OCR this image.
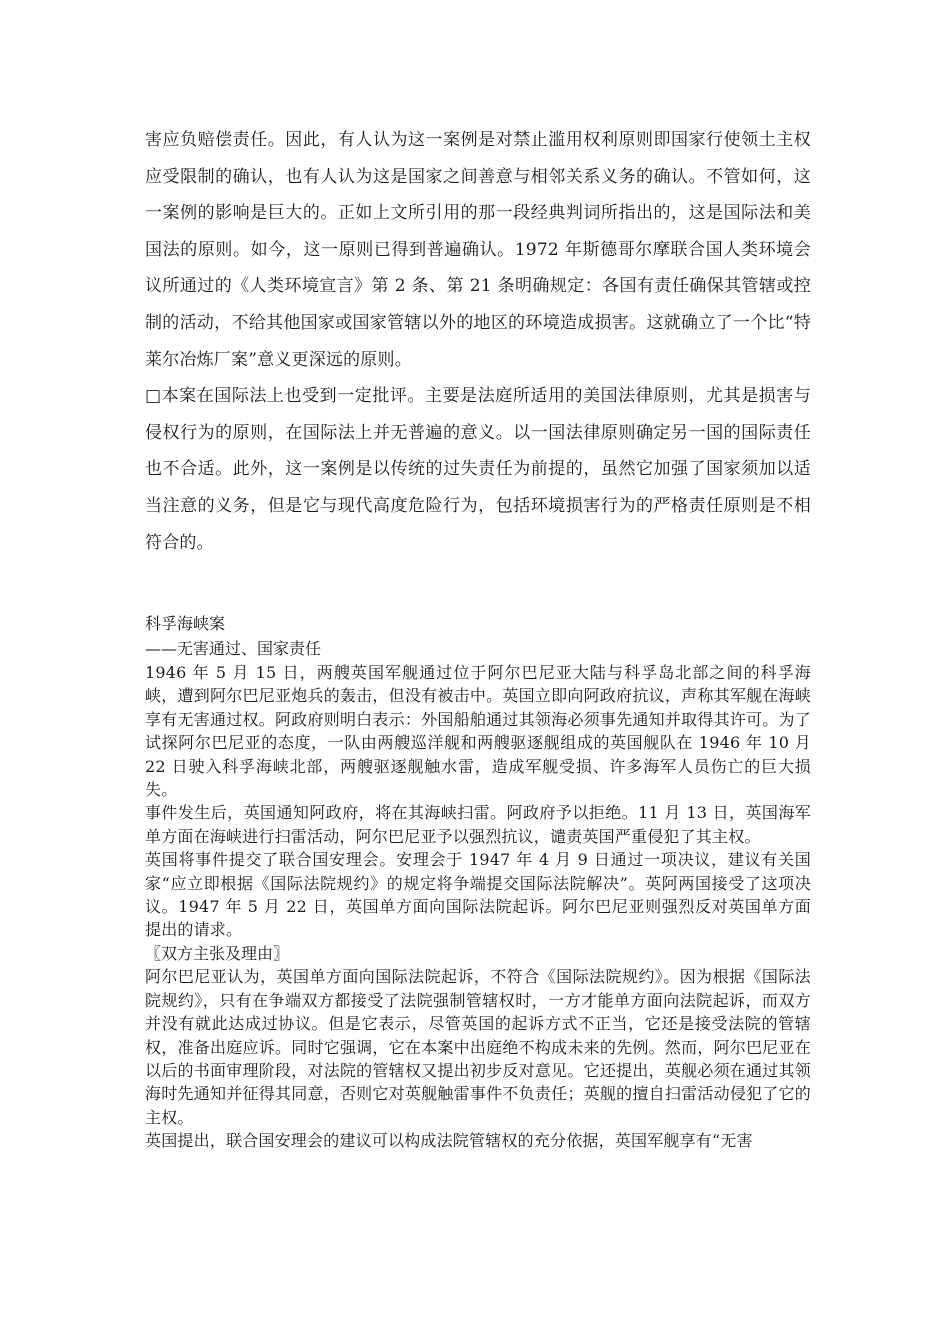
害应负赔偿责任。因此，有人认为这一案例是对禁止滥用权利原则即国家行使领土主权应受限制的确认，也有人认为这是国家之间善意与相邻关系义务的确认。不管如何，这一案例的影响是巨大的。正如上文所引用的那一段经典判词所指出的，这是国际法和美国法的原则。如今，这一原则已得到普遍确认。1972 年斯德哥尔摩联合国人类环境会议所通过的《人类环境宣言》第 2 条、第 21 条明确规定：各国有责任确保其管辖或控制的活动，不给其他国家或国家管辖以外的地区的环境造成损害。这就确立了一个比“特莱尔冶炼厂案”意义更深远的原则。

□本案在国际法上也受到一定批评。主要是法庭所适用的美国法律原则，尤其是损害与侵权行为的原则，在国际法上并无普遍的意义。以一国法律原则确定另一国的国际责任也不合适。此外，这一案例是以传统的过失责任为前提的，虽然它加强了国家须加以适当注意的义务，但是它与现代高度危险行为，包括环境损害行为的严格责任原则是不相符合的。

科孚海峡案
——无害通过、国家责任

1946 年 5 月 15 日，两艘英国军舰通过位于阿尔巴尼亚大陆与科孚岛北部之间的科孚海峡，遭到阿尔巴尼亚炮兵的轰击，但没有被击中。英国立即向阿政府抗议，声称其军舰在海峡享有无害通过权。阿政府则明白表示：外国船舶通过其领海必须事先通知并取得其许可。为了试探阿尔巴尼亚的态度，一队由两艘巡洋舰和两艘驱逐舰组成的英国舰队在 1946 年 10 月 22 日驶入科孚海峡北部，两艘驱逐舰触水雷，造成军舰受损、许多海军人员伤亡的巨大损失。

事件发生后，英国通知阿政府，将在其海峡扫雷。阿政府予以拒绝。11 月 13 日，英国海军单方面在海峡进行扫雷活动，阿尔巴尼亚予以强烈抗议，谴责英国严重侵犯了其主权。

英国将事件提交了联合国安理会。安理会于 1947 年 4 月 9 日通过一项决议，建议有关国家“应立即根据《国际法院规约》的规定将争端提交国际法院解决”。英阿两国接受了这项决议。1947 年 5 月 22 日，英国单方面向国际法院起诉。阿尔巴尼亚则强烈反对英国单方面提出的请求。

〖双方主张及理由〗

阿尔巴尼亚认为，英国单方面向国际法院起诉，不符合《国际法院规约》。因为根据《国际法院规约》，只有在争端双方都接受了法院强制管辖权时，一方才能单方面向法院起诉，而双方并没有就此达成过协议。但是它表示，尽管英国的起诉方式不正当，它还是接受法院的管辖权，准备出庭应诉。同时它强调，它在本案中出庭绝不构成未来的先例。然而，阿尔巴尼亚在以后的书面审理阶段，对法院的管辖权又提出初步反对意见。它还提出，英舰必须在通过其领海时先通知并征得其同意，否则它对英舰触雷事件不负责任；英舰的擅自扫雷活动侵犯了它的主权。

英国提出，联合国安理会的建议可以构成法院管辖权的充分依据，英国军舰享有“无害
